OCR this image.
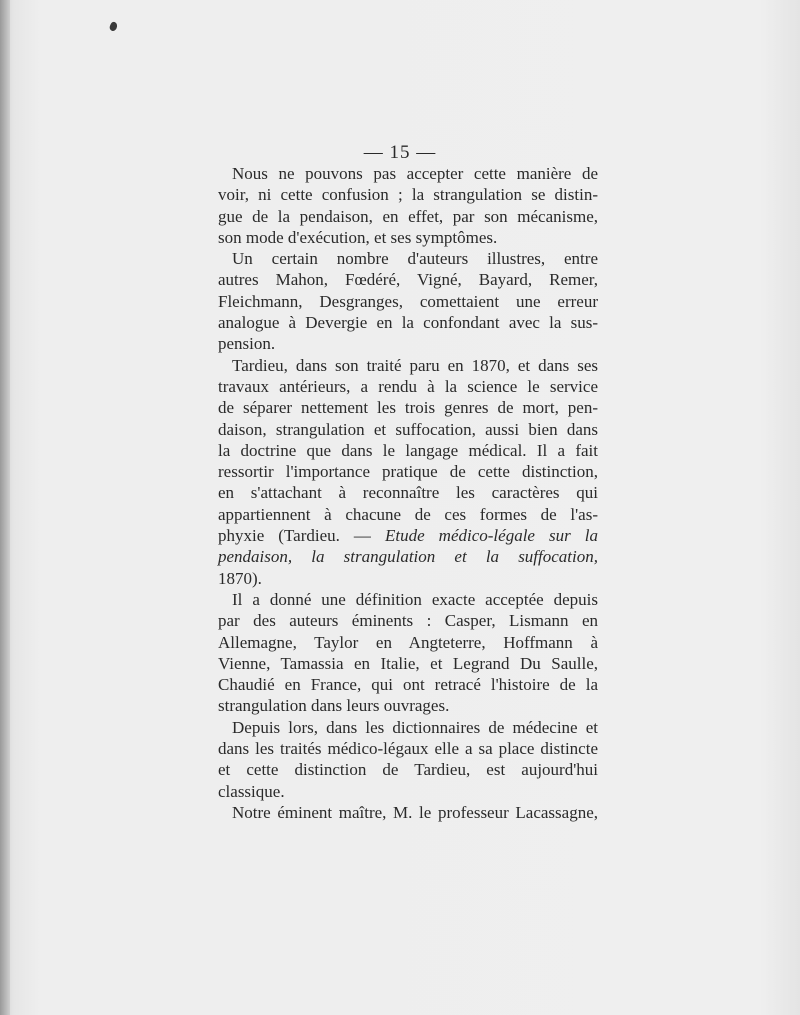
— 15 —
Nous ne pouvons pas accepter cette manière de
voir, ni cette confusion ; la strangulation se distin-
gue de la pendaison, en effet, par son mécanisme,
son mode d'exécution, et ses symptômes.
Un certain nombre d'auteurs illustres, entre
autres Mahon, Fœdéré, Vigné, Bayard, Remer,
Fleichmann, Desgranges, comettaient une erreur
analogue à Devergie en la confondant avec la sus-
pension.
Tardieu, dans son traité paru en 1870, et dans ses
travaux antérieurs, a rendu à la science le service
de séparer nettement les trois genres de mort, pen-
daison, strangulation et suffocation, aussi bien dans
la doctrine que dans le langage médical. Il a fait
ressortir l'importance pratique de cette distinction,
en s'attachant à reconnaître les caractères qui
appartiennent à chacune de ces formes de l'as-
phyxie (Tardieu. — Etude médico-légale sur la
pendaison, la strangulation et la suffocation,
1870).
Il a donné une définition exacte acceptée depuis
par des auteurs éminents : Casper, Lismann en
Allemagne, Taylor en Angteterre, Hoffmann à
Vienne, Tamassia en Italie, et Legrand Du Saulle,
Chaudié en France, qui ont retracé l'histoire de la
strangulation dans leurs ouvrages.
Depuis lors, dans les dictionnaires de médecine et
dans les traités médico-légaux elle a sa place distincte
et cette distinction de Tardieu, est aujourd'hui
classique.
Notre éminent maître, M. le professeur Lacassagne,
